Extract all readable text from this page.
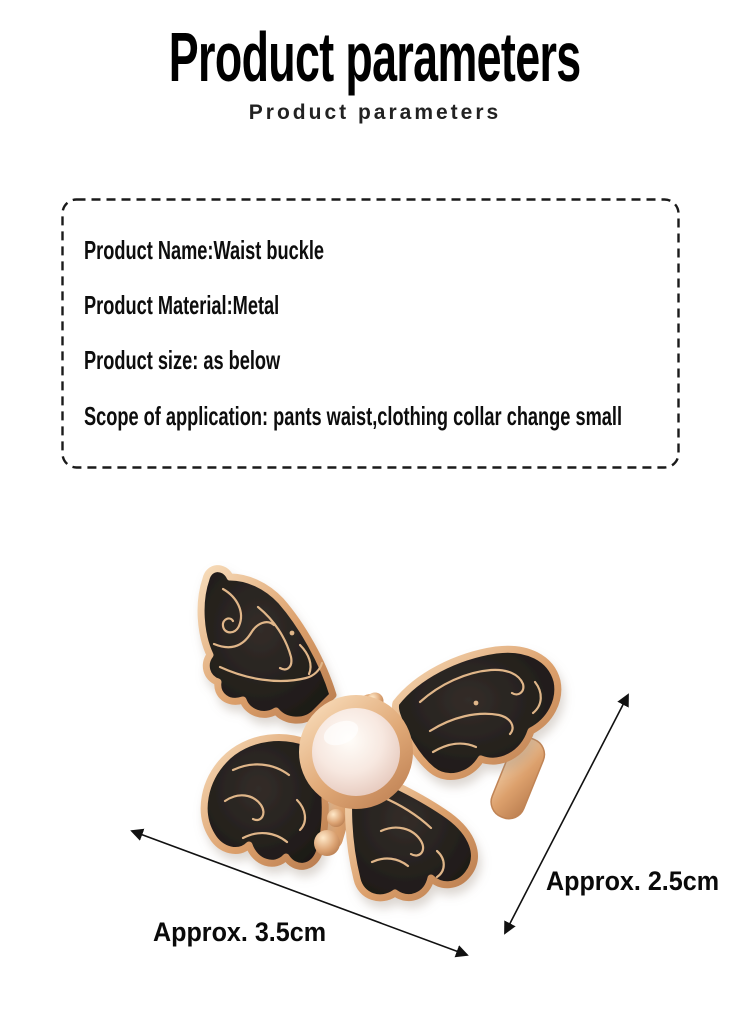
Product parameters
Product parameters
Product Name:Waist buckle
Product Material:Metal
Product size: as below
Scope of application: pants waist,clothing collar change small
Approx. 3.5cm
Approx. 2.5cm
